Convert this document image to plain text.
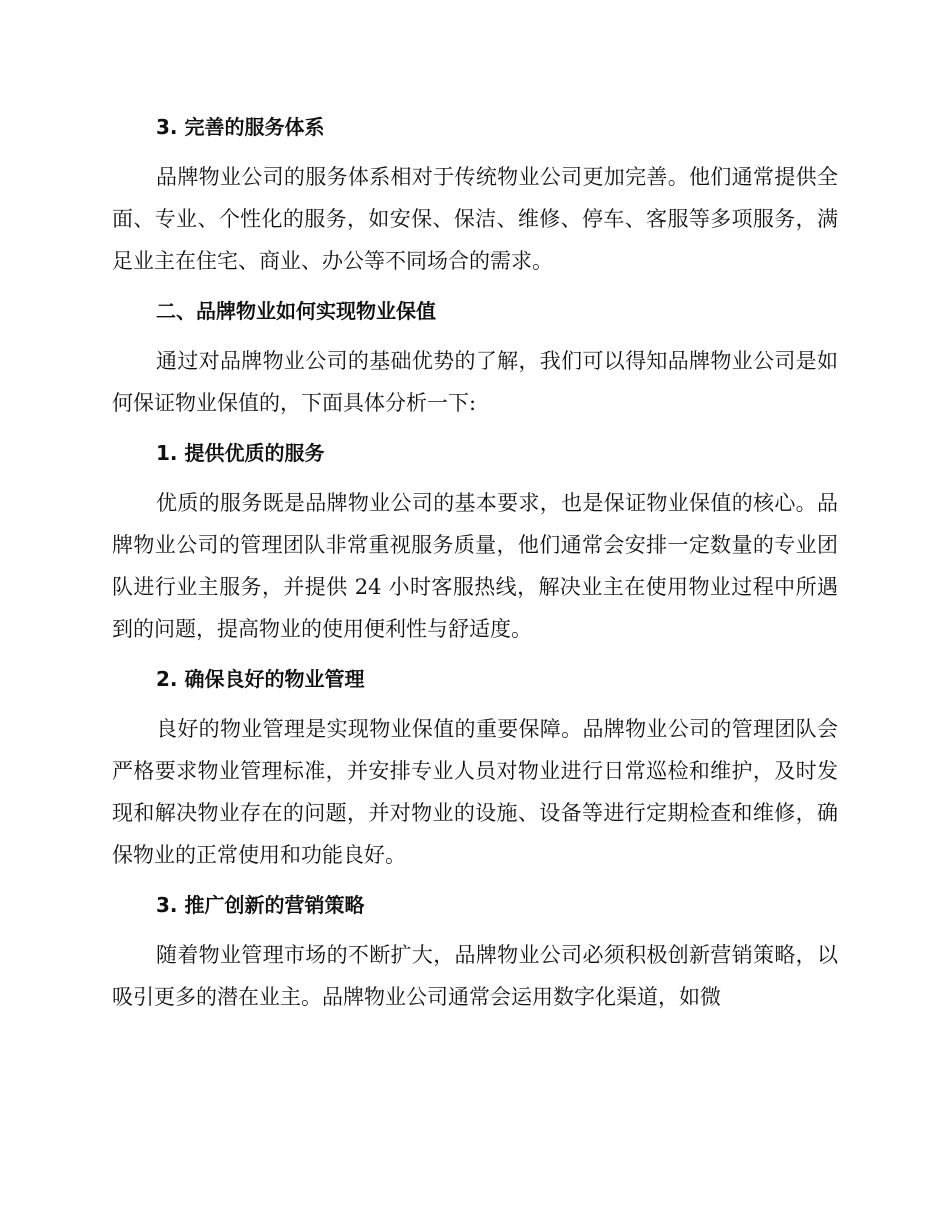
3. 完善的服务体系

品牌物业公司的服务体系相对于传统物业公司更加完善。他们通常提供全面、专业、个性化的服务，如安保、保洁、维修、停车、客服等多项服务，满足业主在住宅、商业、办公等不同场合的需求。

二、品牌物业如何实现物业保值

通过对品牌物业公司的基础优势的了解，我们可以得知品牌物业公司是如何保证物业保值的，下面具体分析一下:

1. 提供优质的服务

优质的服务既是品牌物业公司的基本要求，也是保证物业保值的核心。品牌物业公司的管理团队非常重视服务质量，他们通常会安排一定数量的专业团队进行业主服务，并提供 24 小时客服热线，解决业主在使用物业过程中所遇到的问题，提高物业的使用便利性与舒适度。

2. 确保良好的物业管理

良好的物业管理是实现物业保值的重要保障。品牌物业公司的管理团队会严格要求物业管理标准，并安排专业人员对物业进行日常巡检和维护，及时发现和解决物业存在的问题，并对物业的设施、设备等进行定期检查和维修，确保物业的正常使用和功能良好。

3. 推广创新的营销策略

随着物业管理市场的不断扩大，品牌物业公司必须积极创新营销策略，以吸引更多的潜在业主。品牌物业公司通常会运用数字化渠道，如微
